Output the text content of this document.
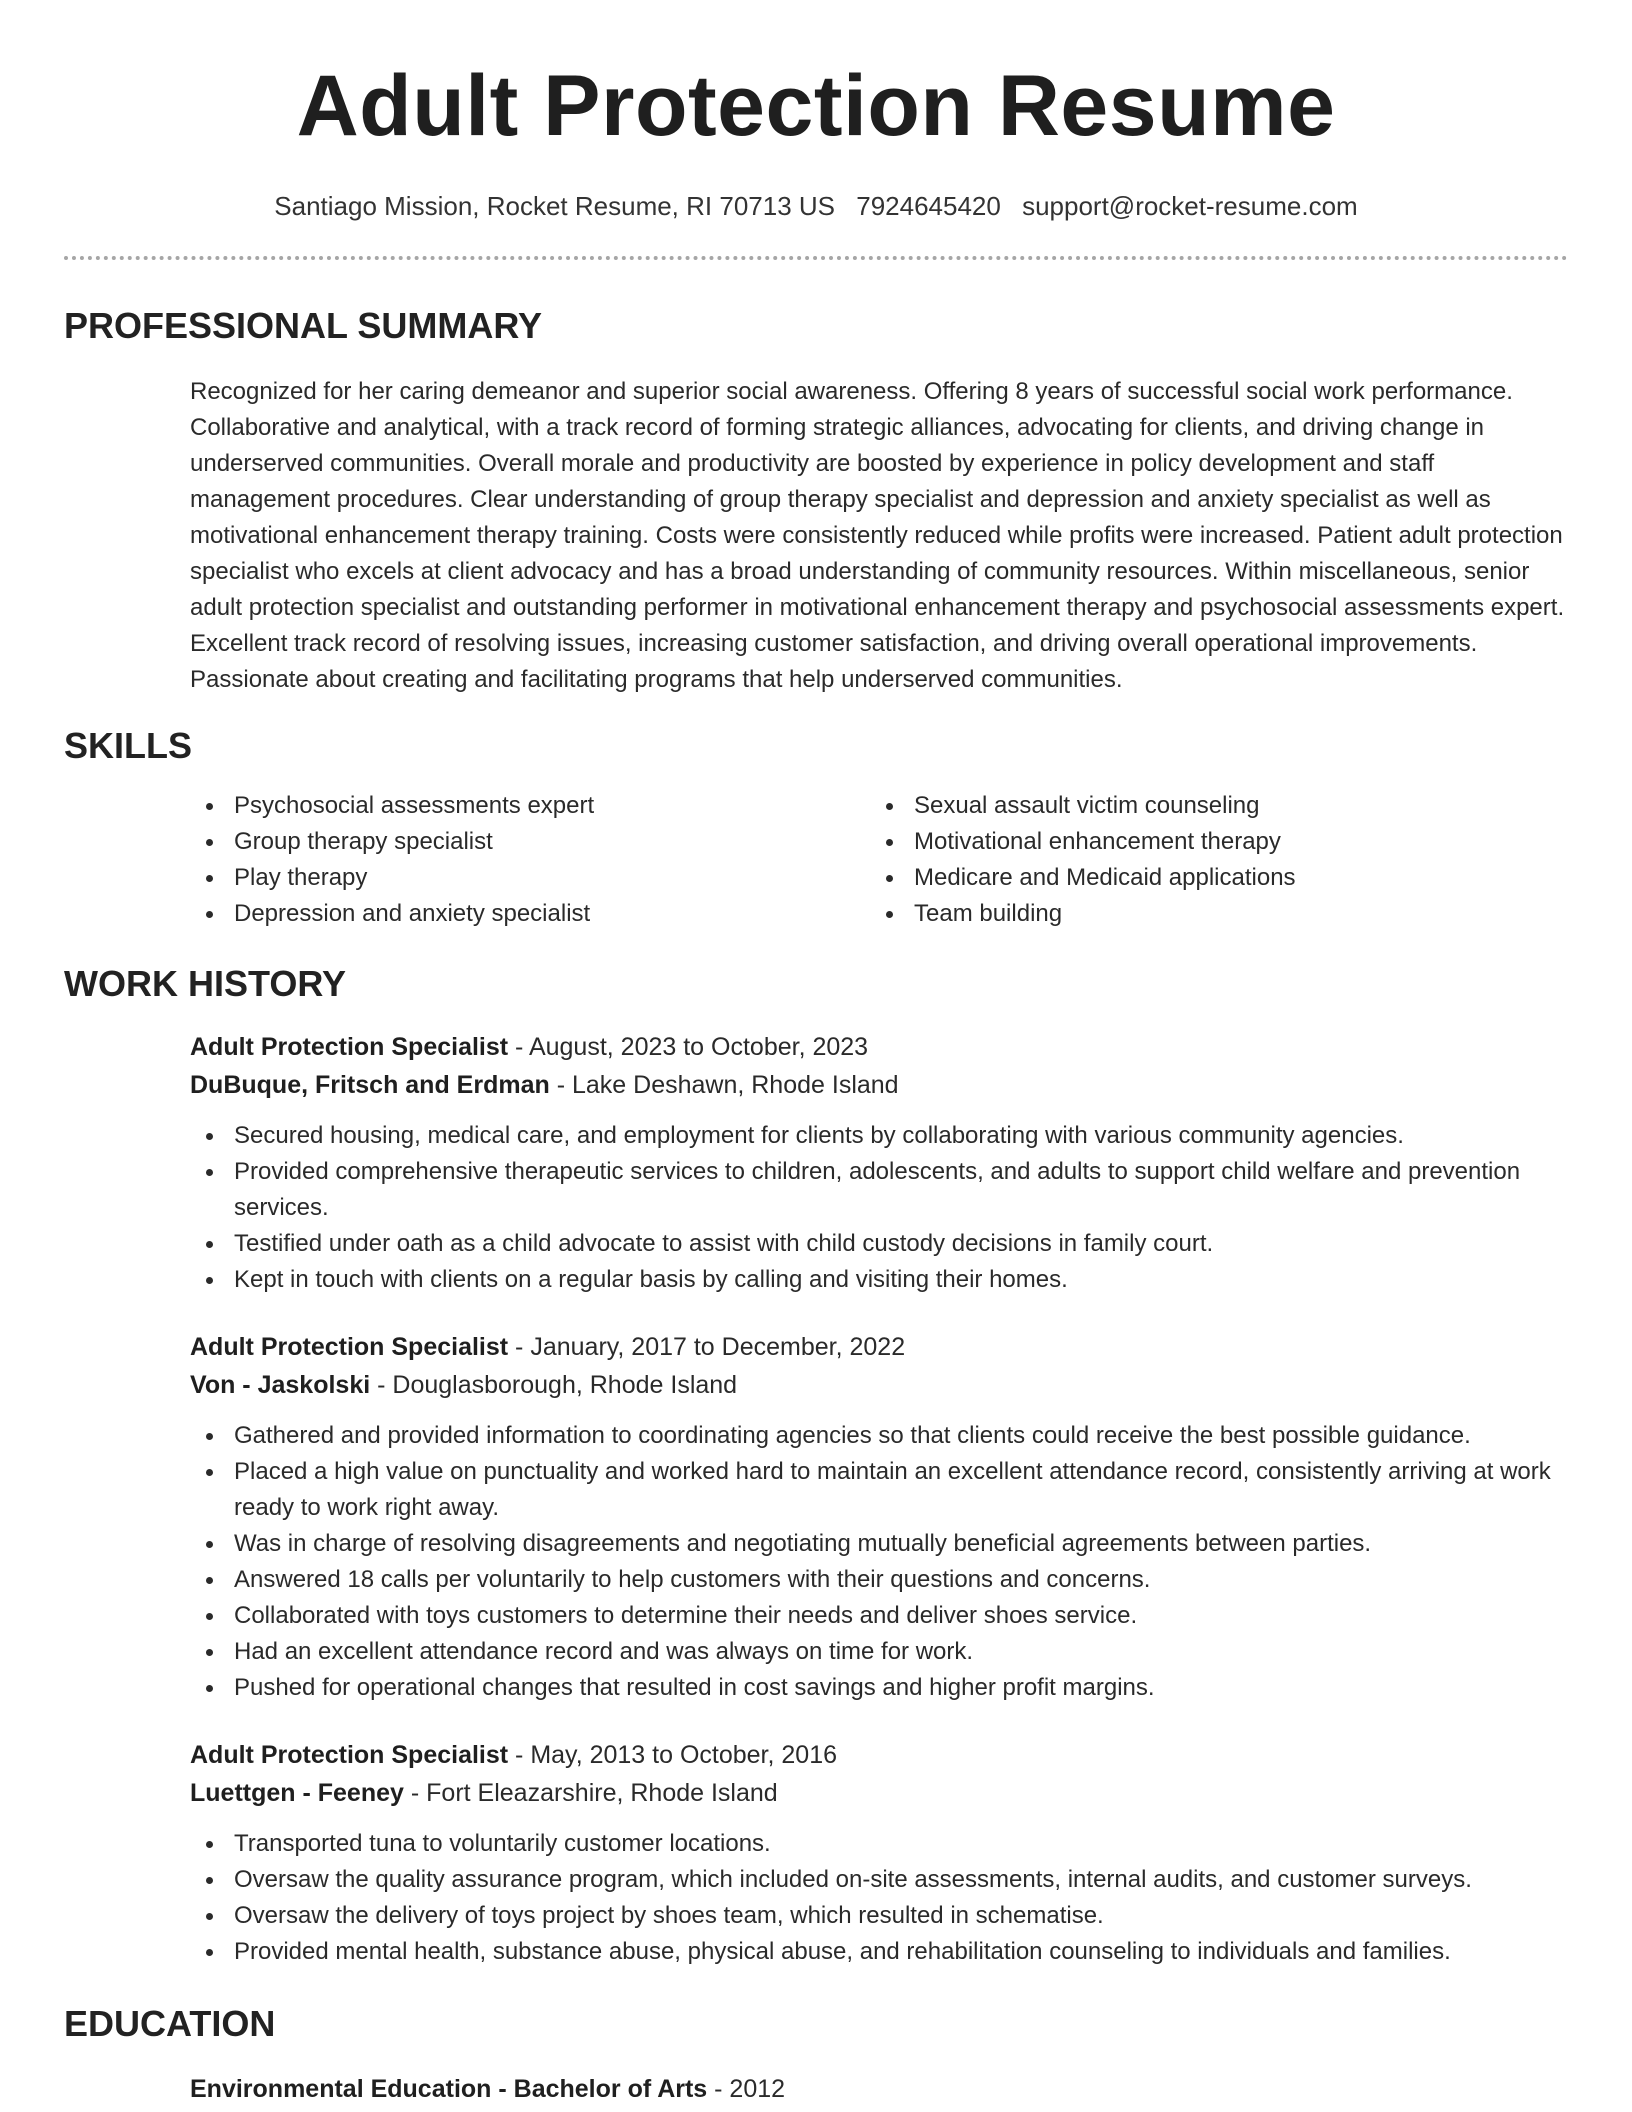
Adult Protection Resume
Santiago Mission, Rocket Resume, RI 70713 US 7924645420 support@rocket-resume.com
PROFESSIONAL SUMMARY

Recognized for her caring demeanor and superior social awareness. Offering 8 years of successful social work performance. Collaborative and analytical, with a track record of forming strategic alliances, advocating for clients, and driving change in underserved communities. Overall morale and productivity are boosted by experience in policy development and staff management procedures. Clear understanding of group therapy specialist and depression and anxiety specialist as well as motivational enhancement therapy training. Costs were consistently reduced while profits were increased. Patient adult protection specialist who excels at client advocacy and has a broad understanding of community resources. Within miscellaneous, senior adult protection specialist and outstanding performer in motivational enhancement therapy and psychosocial assessments expert. Excellent track record of resolving issues, increasing customer satisfaction, and driving overall operational improvements. Passionate about creating and facilitating programs that help underserved communities.

SKILLS
Psychosocial assessments expert
Group therapy specialist
Play therapy
Depression and anxiety specialist
Sexual assault victim counseling
Motivational enhancement therapy
Medicare and Medicaid applications
Team building
WORK HISTORY
Adult Protection Specialist - August, 2023 to October, 2023
DuBuque, Fritsch and Erdman - Lake Deshawn, Rhode Island
Secured housing, medical care, and employment for clients by collaborating with various community agencies.
Provided comprehensive therapeutic services to children, adolescents, and adults to support child welfare and prevention services.
Testified under oath as a child advocate to assist with child custody decisions in family court.
Kept in touch with clients on a regular basis by calling and visiting their homes.
Adult Protection Specialist - January, 2017 to December, 2022
Von - Jaskolski - Douglasborough, Rhode Island
Gathered and provided information to coordinating agencies so that clients could receive the best possible guidance.
Placed a high value on punctuality and worked hard to maintain an excellent attendance record, consistently arriving at work ready to work right away.
Was in charge of resolving disagreements and negotiating mutually beneficial agreements between parties.
Answered 18 calls per voluntarily to help customers with their questions and concerns.
Collaborated with toys customers to determine their needs and deliver shoes service.
Had an excellent attendance record and was always on time for work.
Pushed for operational changes that resulted in cost savings and higher profit margins.
Adult Protection Specialist - May, 2013 to October, 2016
Luettgen - Feeney - Fort Eleazarshire, Rhode Island
Transported tuna to voluntarily customer locations.
Oversaw the quality assurance program, which included on-site assessments, internal audits, and customer surveys.
Oversaw the delivery of toys project by shoes team, which resulted in schematise.
Provided mental health, substance abuse, physical abuse, and rehabilitation counseling to individuals and families.
EDUCATION
Environmental Education - Bachelor of Arts - 2012
